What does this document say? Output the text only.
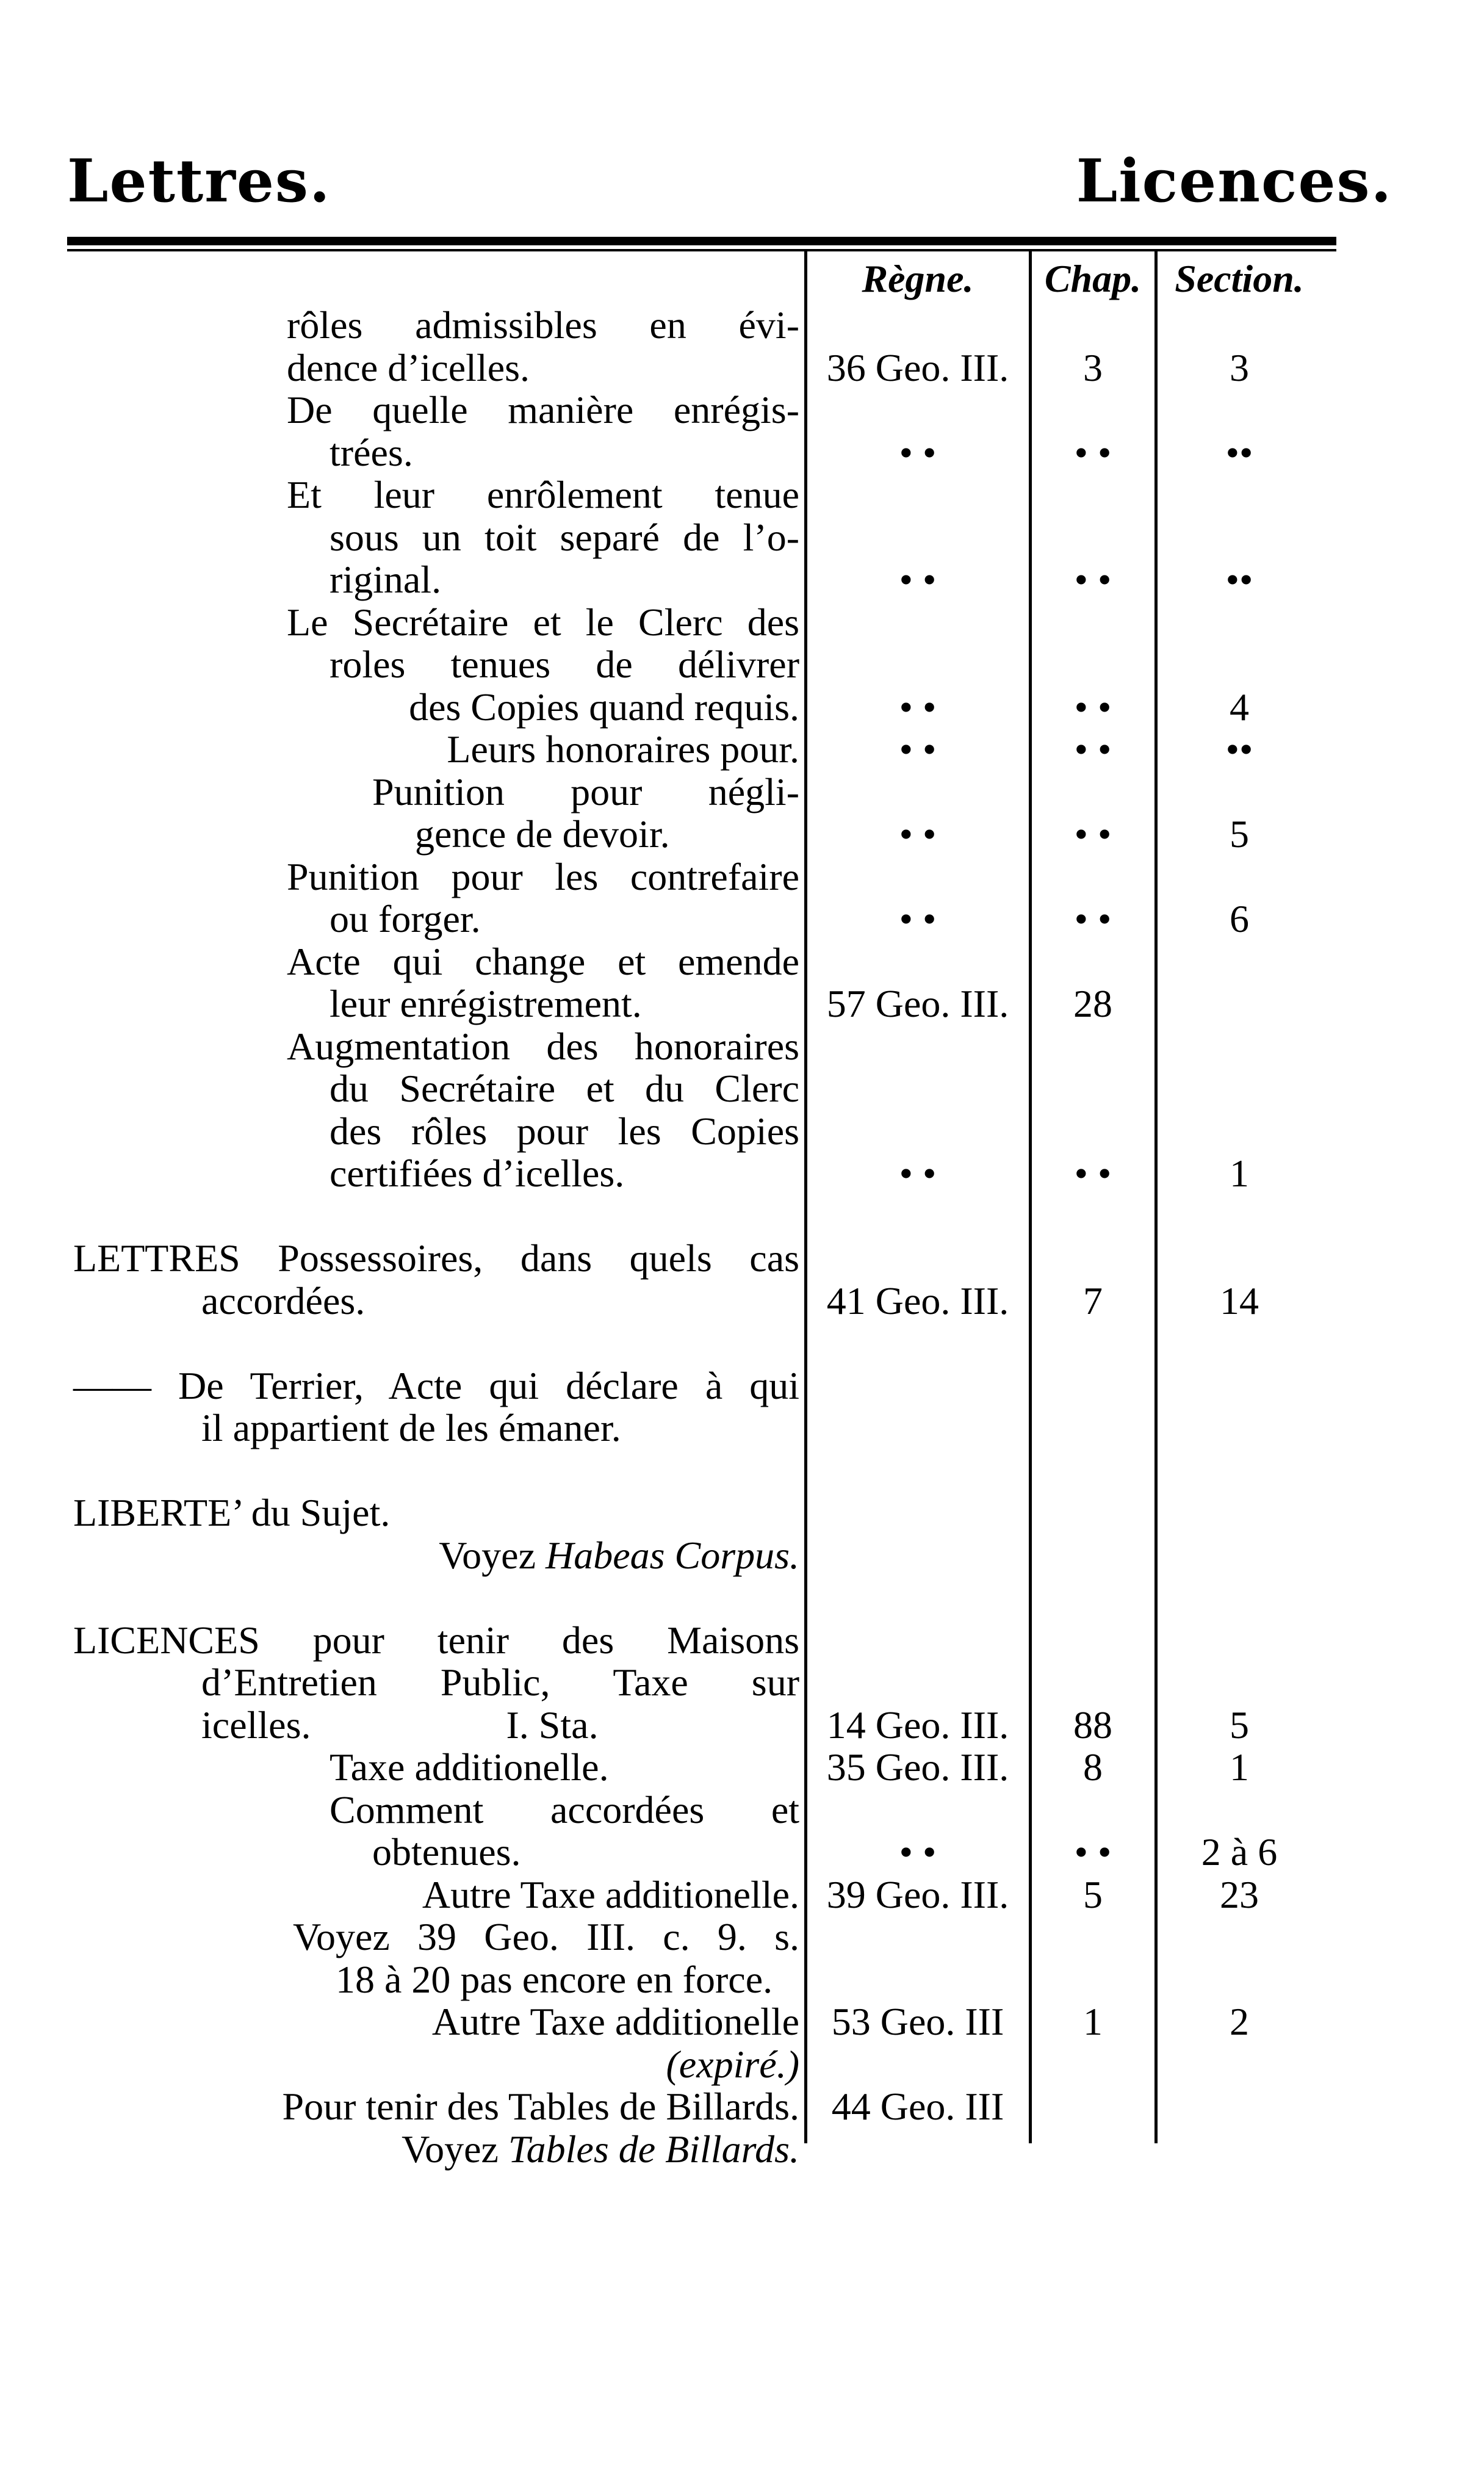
Lettres.	Licences.
Règne.	Chap. Section.
rôles admissibles en évi-
dence d’icelles.	36 Geo. III.	3	3
De quelle manière enrégis-
trées.	• •	• •	••
Et leur enrôlement tenue
sous un toit separé de l’o-
riginal.	• •	• •	••
Le Secrétaire et le Clerc des
roles tenues de délivrer
des Copies quand requis.	• •	• •	4
Leurs honoraires pour.	• •	• •	••
Punition pour négli-
gence de devoir.	• •	• •	5
Punition pour les contrefaire
ou forger.	• •	• •	6
Acte qui change et emende
leur enrégistrement.	57 Geo. III.	28
Augmentation des honoraires
du Secrétaire et du Clerc
des rôles pour les Copies
certifiées d’icelles.	• •	• •	1
LETTRES Possessoires, dans quels cas
accordées.	41 Geo. III.	7	14
—— De Terrier, Acte qui déclare à qui
il appartient de les émaner.
LIBERTE’ du Sujet.
Voyez Habeas Corpus.
LICENCES pour tenir des Maisons
d’Entretien Public, Taxe sur
icelles.                    I. Sta.	14 Geo. III.	88	5
Taxe additionelle.	35 Geo. III.	8	1
Comment accordées et
obtenues.	• •	• •	2 à 6
Autre Taxe additionelle. 39 Geo. III.	5	23
Voyez 39 Geo. III. c. 9. s.
18 à 20 pas encore en force.
Autre Taxe additionelle 53 Geo. III	1	2
(expiré.)
Pour tenir des Tables de Billards. 44 Geo. III
Voyez Tables de Billards.
